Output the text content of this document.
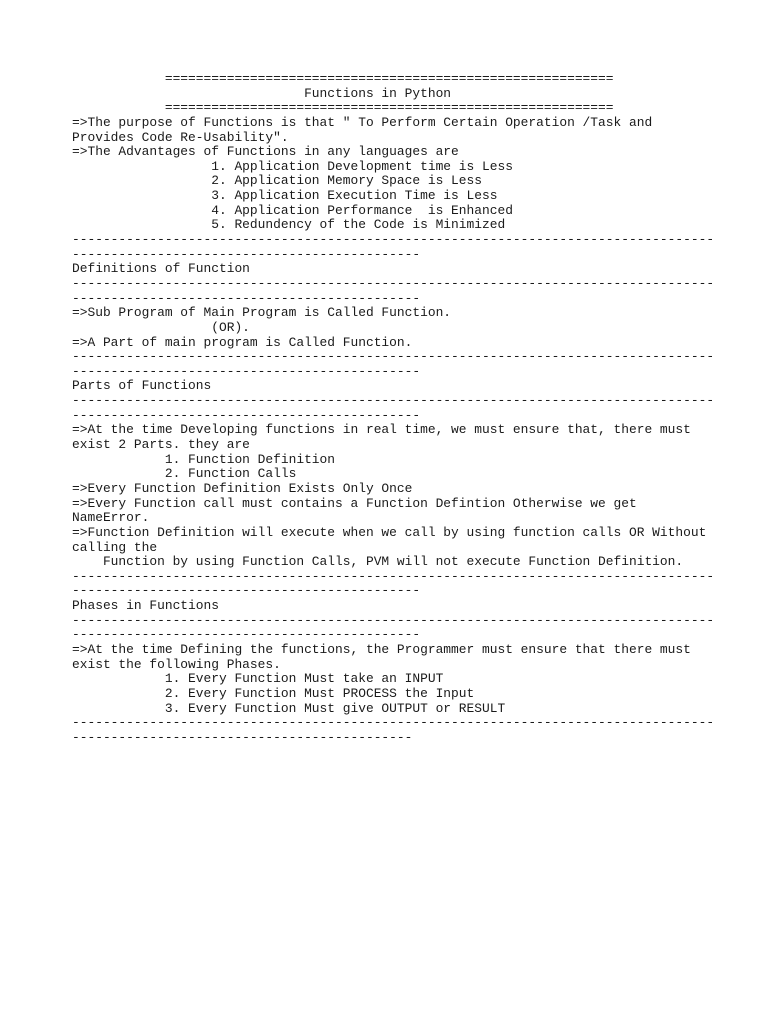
==========================================================
Functions in Python
==========================================================
=>The purpose of Functions is that " To Perform Certain Operation /Task and
Provides Code Re-Usability".
=>The Advantages of Functions in any languages are
1. Application Development time is Less
2. Application Memory Space is Less
3. Application Execution Time is Less
4. Application Performance  is Enhanced
5. Redundency of the Code is Minimized
-----------------------------------------------------------------------------------
---------------------------------------------
Definitions of Function
-----------------------------------------------------------------------------------
---------------------------------------------
=>Sub Program of Main Program is Called Function.
(OR).
=>A Part of main program is Called Function.
-----------------------------------------------------------------------------------
---------------------------------------------
Parts of Functions
-----------------------------------------------------------------------------------
---------------------------------------------
=>At the time Developing functions in real time, we must ensure that, there must
exist 2 Parts. they are
1. Function Definition
2. Function Calls
=>Every Function Definition Exists Only Once
=>Every Function call must contains a Function Defintion Otherwise we get
NameError.
=>Function Definition will execute when we call by using function calls OR Without
calling the
Function by using Function Calls, PVM will not execute Function Definition.
-----------------------------------------------------------------------------------
---------------------------------------------
Phases in Functions
-----------------------------------------------------------------------------------
---------------------------------------------
=>At the time Defining the functions, the Programmer must ensure that there must
exist the following Phases.
1. Every Function Must take an INPUT
2. Every Function Must PROCESS the Input
3. Every Function Must give OUTPUT or RESULT
-----------------------------------------------------------------------------------
--------------------------------------------
